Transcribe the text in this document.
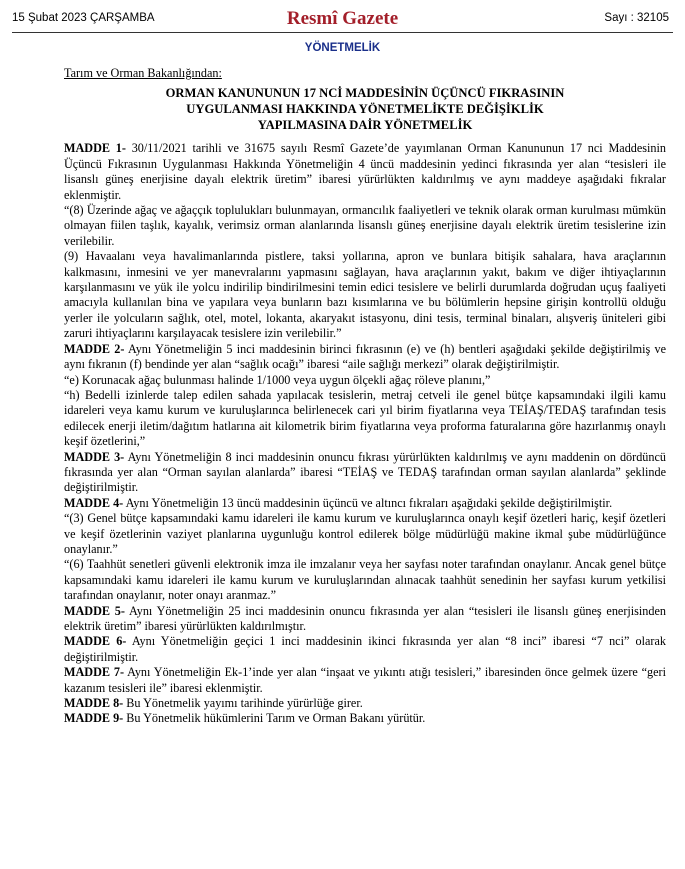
15 Şubat 2023 ÇARŞAMBA	Resmî Gazete	Sayı : 32105
YÖNETMELİK

Tarım ve Orman Bakanlığından:

ORMAN KANUNUNUN 17 NCİ MADDESİNİN ÜÇÜNCÜ FIKRASININ
UYGULANMASI HAKKINDA YÖNETMELİKTE DEĞİŞİKLİK
YAPILMASINA DAİR YÖNETMELİK

MADDE 1- 30/11/2021 tarihli ve 31675 sayılı Resmî Gazete’de yayımlanan Orman Kanununun 17 nci Maddesinin Üçüncü Fıkrasının Uygulanması Hakkında Yönetmeliğin 4 üncü maddesinin yedinci fıkrasında yer alan “tesisleri ile lisanslı güneş enerjisine dayalı elektrik üretim” ibaresi yürürlükten kaldırılmış ve aynı maddeye aşağıdaki fıkralar eklenmiştir.

“(8) Üzerinde ağaç ve ağaççık toplulukları bulunmayan, ormancılık faaliyetleri ve teknik olarak orman kurulması mümkün olmayan fiilen taşlık, kayalık, verimsiz orman alanlarında lisanslı güneş enerjisine dayalı elektrik üretim tesislerine izin verilebilir.

(9) Havaalanı veya havalimanlarında pistlere, taksi yollarına, apron ve bunlara bitişik sahalara, hava araçlarının kalkmasını, inmesini ve yer manevralarını yapmasını sağlayan, hava araçlarının yakıt, bakım ve diğer ihtiyaçlarının karşılanmasını ve yük ile yolcu indirilip bindirilmesini temin edici tesislere ve belirli durumlarda doğrudan uçuş faaliyeti amacıyla kullanılan bina ve yapılara veya bunların bazı kısımlarına ve bu bölümlerin hepsine girişin kontrollü olduğu yerler ile yolcuların sağlık, otel, motel, lokanta, akaryakıt istasyonu, dini tesis, terminal binaları, alışveriş üniteleri gibi zaruri ihtiyaçlarını karşılayacak tesislere izin verilebilir.”

MADDE 2- Aynı Yönetmeliğin 5 inci maddesinin birinci fıkrasının (e) ve (h) bentleri aşağıdaki şekilde değiştirilmiş ve aynı fıkranın (f) bendinde yer alan “sağlık ocağı” ibaresi “aile sağlığı merkezi” olarak değiştirilmiştir.

“e) Korunacak ağaç bulunması halinde 1/1000 veya uygun ölçekli ağaç röleve planını,”

“h) Bedelli izinlerde talep edilen sahada yapılacak tesislerin, metraj cetveli ile genel bütçe kapsamındaki ilgili kamu idareleri veya kamu kurum ve kuruluşlarınca belirlenecek cari yıl birim fiyatlarına veya TEİAŞ/TEDAŞ tarafından tesis edilecek enerji iletim/dağıtım hatlarına ait kilometrik birim fiyatlarına veya proforma faturalarına göre hazırlanmış onaylı keşif özetlerini,”

MADDE 3- Aynı Yönetmeliğin 8 inci maddesinin onuncu fıkrası yürürlükten kaldırılmış ve aynı maddenin on dördüncü fıkrasında yer alan “Orman sayılan alanlarda” ibaresi “TEİAŞ ve TEDAŞ tarafından orman sayılan alanlarda” şeklinde değiştirilmiştir.

MADDE 4- Aynı Yönetmeliğin 13 üncü maddesinin üçüncü ve altıncı fıkraları aşağıdaki şekilde değiştirilmiştir.

“(3) Genel bütçe kapsamındaki kamu idareleri ile kamu kurum ve kuruluşlarınca onaylı keşif özetleri hariç, keşif özetleri ve keşif özetlerinin vaziyet planlarına uygunluğu kontrol edilerek bölge müdürlüğü makine ikmal şube müdürlüğünce onaylanır.”

“(6) Taahhüt senetleri güvenli elektronik imza ile imzalanır veya her sayfası noter tarafından onaylanır. Ancak genel bütçe kapsamındaki kamu idareleri ile kamu kurum ve kuruluşlarından alınacak taahhüt senedinin her sayfası kurum yetkilisi tarafından onaylanır, noter onayı aranmaz.”

MADDE 5- Aynı Yönetmeliğin 25 inci maddesinin onuncu fıkrasında yer alan “tesisleri ile lisanslı güneş enerjisinden elektrik üretim” ibaresi yürürlükten kaldırılmıştır.

MADDE 6- Aynı Yönetmeliğin geçici 1 inci maddesinin ikinci fıkrasında yer alan “8 inci” ibaresi “7 nci” olarak değiştirilmiştir.

MADDE 7- Aynı Yönetmeliğin Ek-1’inde yer alan “inşaat ve yıkıntı atığı tesisleri,” ibaresinden önce gelmek üzere “geri kazanım tesisleri ile” ibaresi eklenmiştir.

MADDE 8- Bu Yönetmelik yayımı tarihinde yürürlüğe girer.

MADDE 9- Bu Yönetmelik hükümlerini Tarım ve Orman Bakanı yürütür.
